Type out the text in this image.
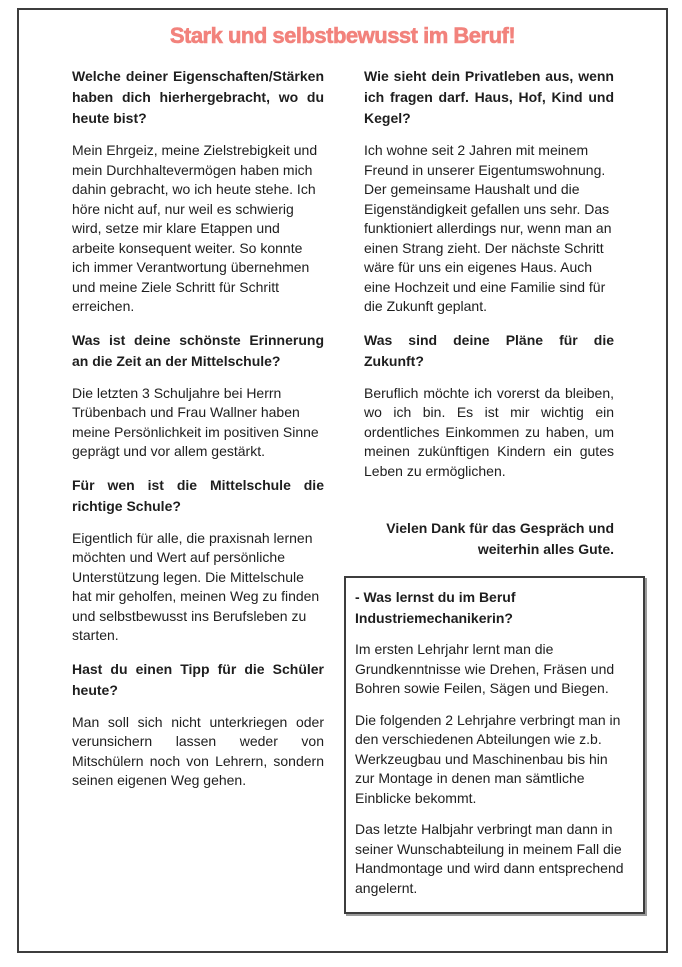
Stark und selbstbewusst im Beruf!
Welche deiner Eigenschaften/Stärken haben dich hierhergebracht, wo du heute bist?
Mein Ehrgeiz, meine Zielstrebigkeit und mein Durchhaltevermögen haben mich dahin gebracht, wo ich heute stehe. Ich höre nicht auf, nur weil es schwierig wird, setze mir klare Etappen und arbeite konsequent weiter. So konnte ich immer Verantwortung übernehmen und meine Ziele Schritt für Schritt erreichen.
Was ist deine schönste Erinnerung an die Zeit an der Mittelschule?
Die letzten 3 Schuljahre bei Herrn Trübenbach und Frau Wallner haben meine Persönlichkeit im positiven Sinne geprägt und vor allem gestärkt.
Für wen ist die Mittelschule die richtige Schule?
Eigentlich für alle, die praxisnah lernen möchten und Wert auf persönliche Unterstützung legen. Die Mittelschule hat mir geholfen, meinen Weg zu finden und selbstbewusst ins Berufsleben zu starten.
Hast du einen Tipp für die Schüler heute?
Man soll sich nicht unterkriegen oder verunsichern lassen weder von Mitschülern noch von Lehrern, sondern seinen eigenen Weg gehen.
Wie sieht dein Privatleben aus, wenn ich fragen darf. Haus, Hof, Kind und Kegel?
Ich wohne seit 2 Jahren mit meinem Freund in unserer Eigentumswohnung. Der gemeinsame Haushalt und die Eigenständigkeit gefallen uns sehr. Das funktioniert allerdings nur, wenn man an einen Strang zieht. Der nächste Schritt wäre für uns ein eigenes Haus. Auch eine Hochzeit und eine Familie sind für die Zukunft geplant.
Was sind deine Pläne für die Zukunft?
Beruflich möchte ich vorerst da bleiben, wo ich bin. Es ist mir wichtig ein ordentliches Einkommen zu haben, um meinen zukünftigen Kindern ein gutes Leben zu ermöglichen.
Vielen Dank für das Gespräch und weiterhin alles Gute.
- Was lernst du im Beruf Industriemechanikerin?

Im ersten Lehrjahr lernt man die Grundkenntnisse wie Drehen, Fräsen und Bohren sowie Feilen, Sägen und Biegen.

Die folgenden 2 Lehrjahre verbringt man in den verschiedenen Abteilungen wie z.b. Werkzeugbau und Maschinenbau bis hin zur Montage in denen man sämtliche Einblicke bekommt.

Das letzte Halbjahr verbringt man dann in seiner Wunschabteilung in meinem Fall die Handmontage und wird dann entsprechend angelernt.
